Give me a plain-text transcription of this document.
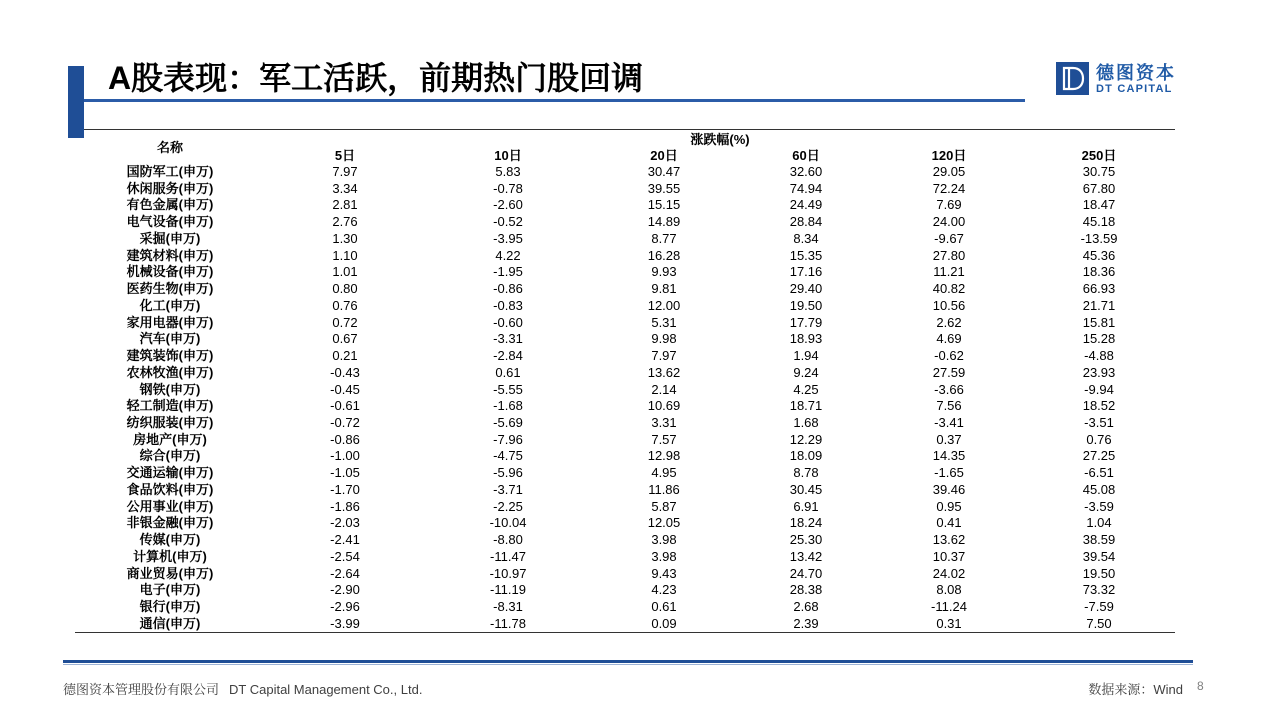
A股表现：军工活跃，前期热门股回调	德图资本
DT CAPITAL
名称
涨跌幅(%)
5日	10日	20日	60日	120日	250日
国防军工(申万)	7.97	5.83	30.47	32.60	29.05	30.75
休闲服务(申万)	3.34	-0.78	39.55	74.94	72.24	67.80
有色金属(申万)	2.81	-2.60	15.15	24.49	7.69	18.47
电气设备(申万)	2.76	-0.52	14.89	28.84	24.00	45.18
采掘(申万)	1.30	-3.95	8.77	8.34	-9.67	-13.59
建筑材料(申万)	1.10	4.22	16.28	15.35	27.80	45.36
机械设备(申万)	1.01	-1.95	9.93	17.16	11.21	18.36
医药生物(申万)	0.80	-0.86	9.81	29.40	40.82	66.93
化工(申万)	0.76	-0.83	12.00	19.50	10.56	21.71
家用电器(申万)	0.72	-0.60	5.31	17.79	2.62	15.81
汽车(申万)	0.67	-3.31	9.98	18.93	4.69	15.28
建筑装饰(申万)	0.21	-2.84	7.97	1.94	-0.62	-4.88
农林牧渔(申万)	-0.43	0.61	13.62	9.24	27.59	23.93
钢铁(申万)	-0.45	-5.55	2.14	4.25	-3.66	-9.94
轻工制造(申万)	-0.61	-1.68	10.69	18.71	7.56	18.52
纺织服装(申万)	-0.72	-5.69	3.31	1.68	-3.41	-3.51
房地产(申万)	-0.86	-7.96	7.57	12.29	0.37	0.76
综合(申万)	-1.00	-4.75	12.98	18.09	14.35	27.25
交通运输(申万)	-1.05	-5.96	4.95	8.78	-1.65	-6.51
食品饮料(申万)	-1.70	-3.71	11.86	30.45	39.46	45.08
公用事业(申万)	-1.86	-2.25	5.87	6.91	0.95	-3.59
非银金融(申万)	-2.03	-10.04	12.05	18.24	0.41	1.04
传媒(申万)	-2.41	-8.80	3.98	25.30	13.62	38.59
计算机(申万)	-2.54	-11.47	3.98	13.42	10.37	39.54
商业贸易(申万)	-2.64	-10.97	9.43	24.70	24.02	19.50
电子(申万)	-2.90	-11.19	4.23	28.38	8.08	73.32
银行(申万)	-2.96	-8.31	0.61	2.68	-11.24	-7.59
通信(申万)	-3.99	-11.78	0.09	2.39	0.31	7.50
德图资本管理股份有限公司 DT Capital Management Co., Ltd.	数据来源：Wind 8
